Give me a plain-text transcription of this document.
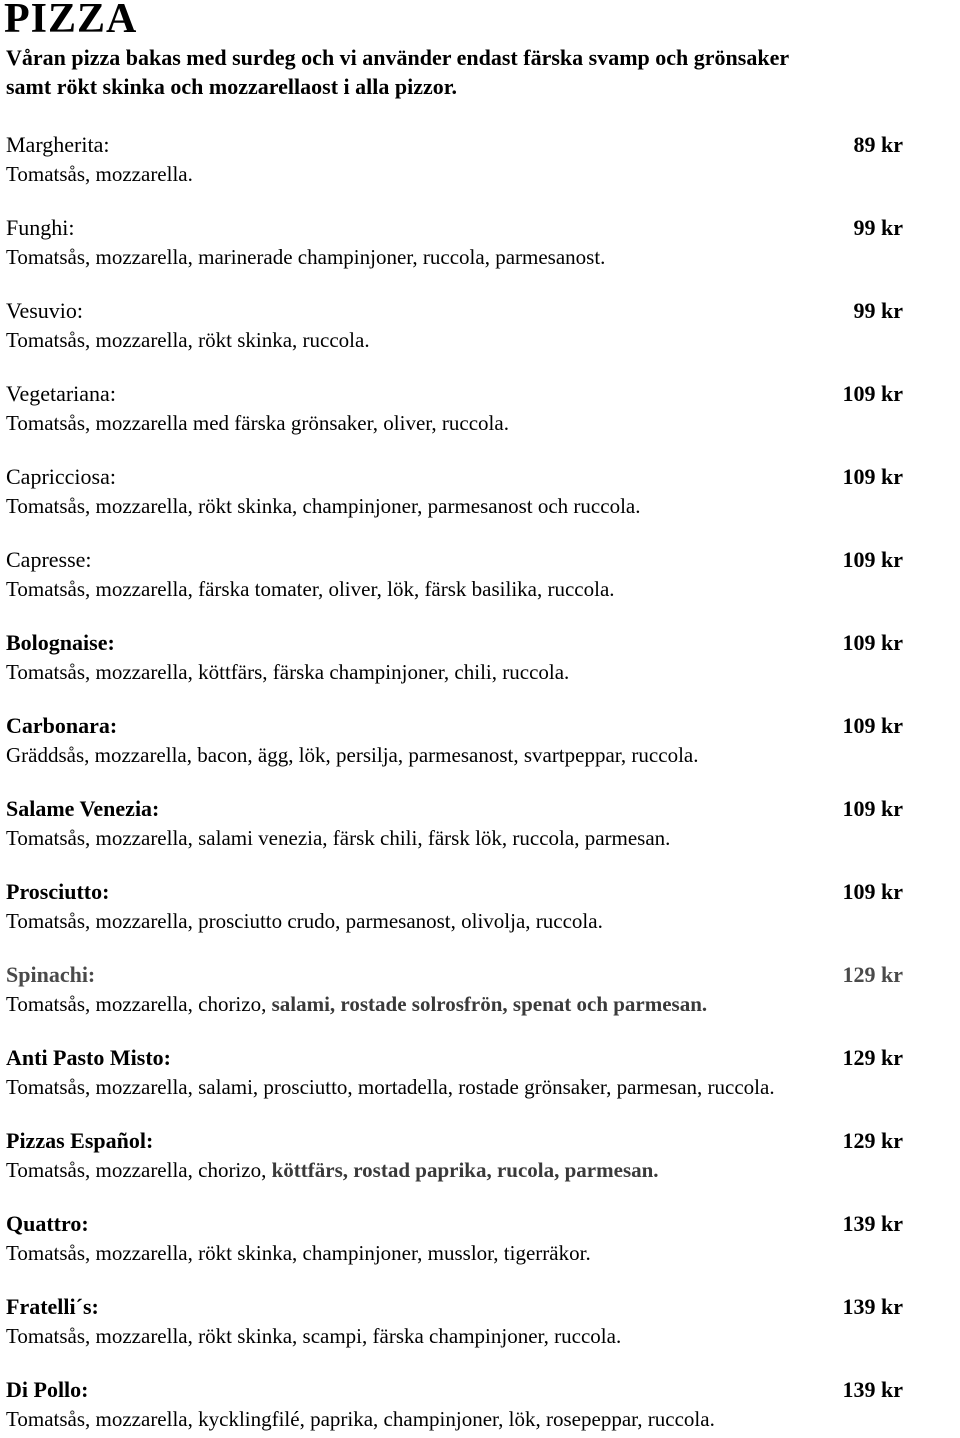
PIZZA
Våran pizza bakas med surdeg och vi använder endast färska svamp och grönsaker
samt rökt skinka och mozzarellaost i alla pizzor.
Margherita:	89 kr
Tomatsås, mozzarella.
Funghi:	99 kr
Tomatsås, mozzarella, marinerade champinjoner, ruccola, parmesanost.
Vesuvio:	99 kr
Tomatsås, mozzarella, rökt skinka, ruccola.
Vegetariana:	109 kr
Tomatsås, mozzarella med färska grönsaker, oliver, ruccola.
Capricciosa:	109 kr
Tomatsås, mozzarella, rökt skinka, champinjoner, parmesanost och ruccola.
Capresse:	109 kr
Tomatsås, mozzarella, färska tomater, oliver, lök, färsk basilika, ruccola.
Bolognaise:	109 kr
Tomatsås, mozzarella, köttfärs, färska champinjoner, chili, ruccola.
Carbonara:	109 kr
Gräddsås, mozzarella, bacon, ägg, lök, persilja, parmesanost, svartpeppar, ruccola.
Salame Venezia:	109 kr
Tomatsås, mozzarella, salami venezia, färsk chili, färsk lök, ruccola, parmesan.
Prosciutto:	109 kr
Tomatsås, mozzarella, prosciutto crudo, parmesanost, olivolja, ruccola.
Spinachi:	129 kr
Tomatsås, mozzarella, chorizo, salami, rostade solrosfrön, spenat och parmesan.
Anti Pasto Misto:	129 kr
Tomatsås, mozzarella, salami, prosciutto, mortadella, rostade grönsaker, parmesan, ruccola.
Pizzas Español:	129 kr
Tomatsås, mozzarella, chorizo, köttfärs, rostad paprika, rucola, parmesan.
Quattro:	139 kr
Tomatsås, mozzarella, rökt skinka, champinjoner, musslor, tigerräkor.
Fratelli´s:	139 kr
Tomatsås, mozzarella, rökt skinka, scampi, färska champinjoner, ruccola.
Di Pollo:	139 kr
Tomatsås, mozzarella, kycklingfilé, paprika, champinjoner, lök, rosepeppar, ruccola.
